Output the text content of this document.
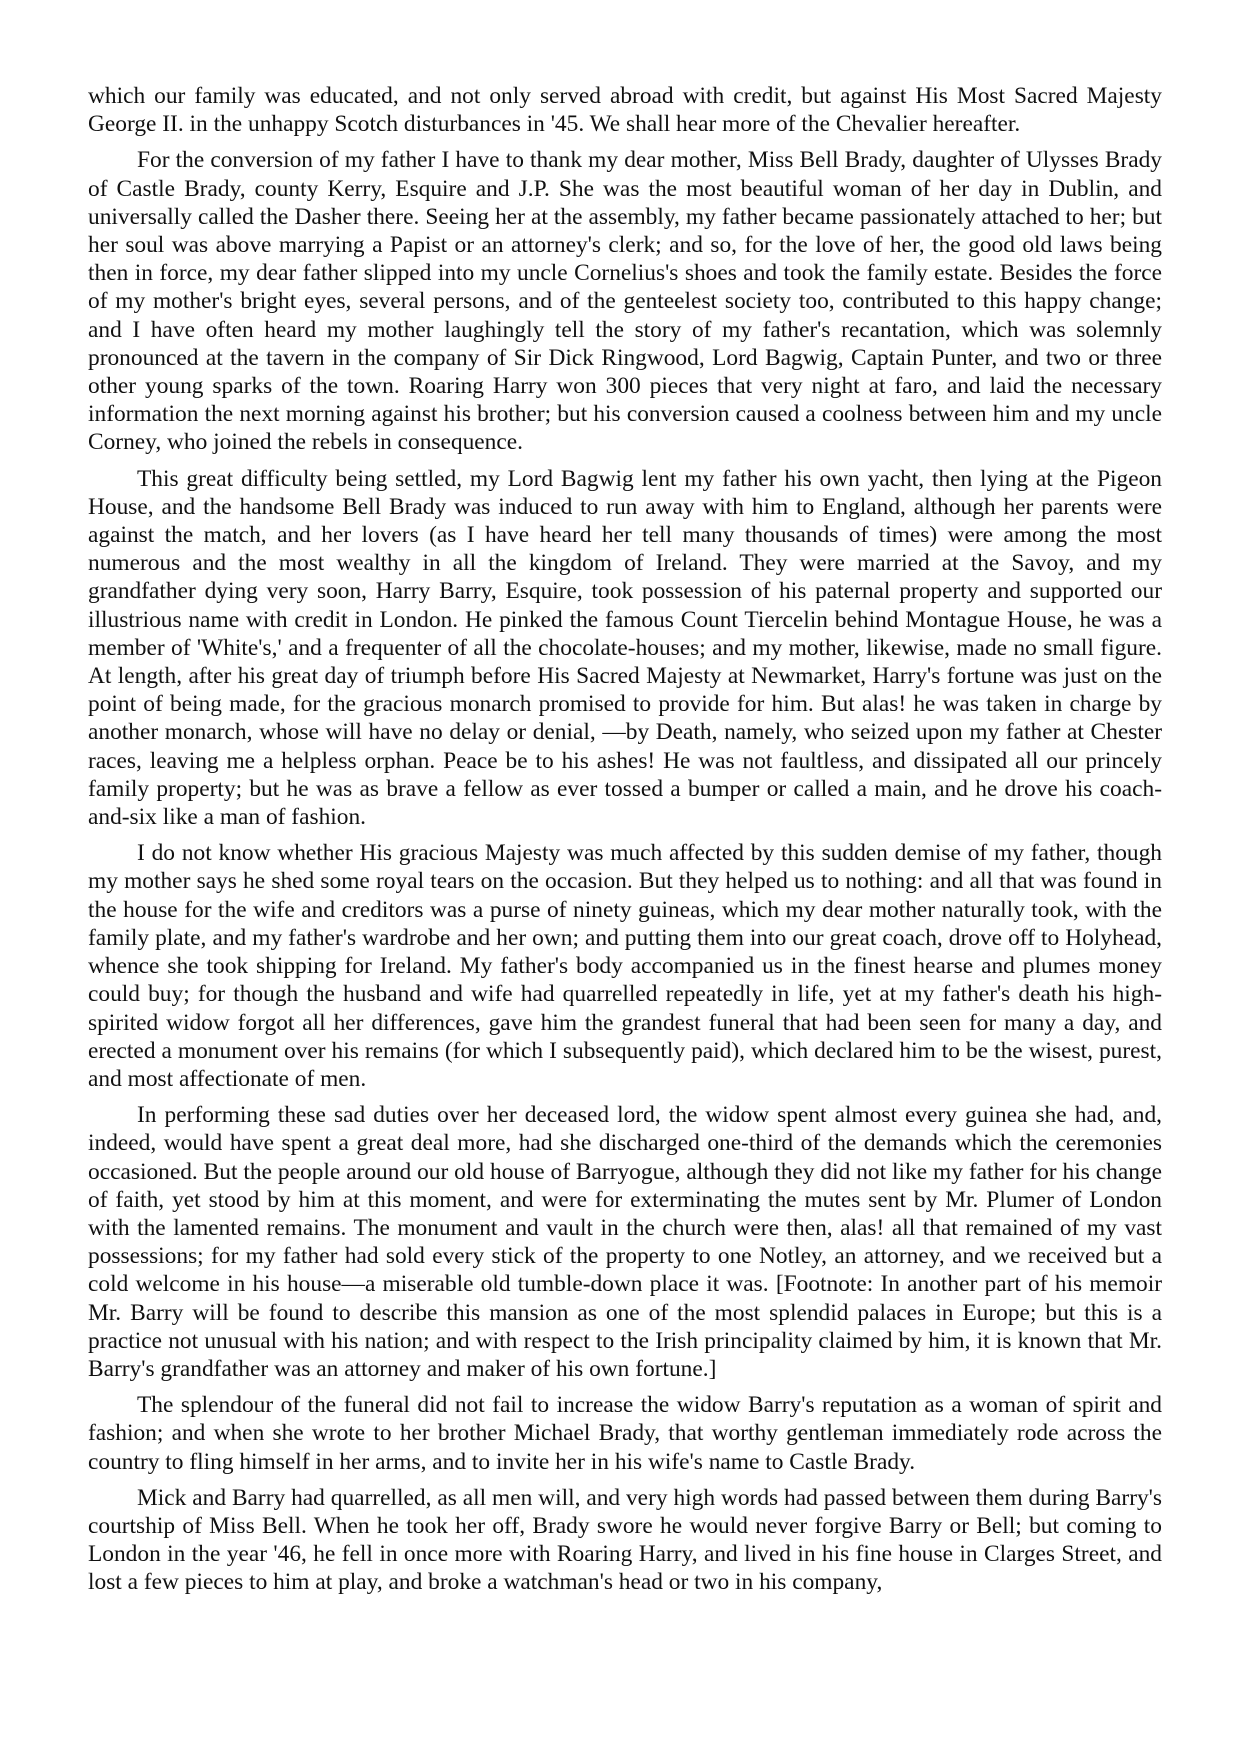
which our family was educated, and not only served abroad with credit, but against His Most Sacred Majesty George II. in the unhappy Scotch disturbances in '45. We shall hear more of the Chevalier hereafter.

For the conversion of my father I have to thank my dear mother, Miss Bell Brady, daughter of Ulysses Brady of Castle Brady, county Kerry, Esquire and J.P. She was the most beautiful woman of her day in Dublin, and universally called the Dasher there. Seeing her at the assembly, my father became passionately attached to her; but her soul was above marrying a Papist or an attorney's clerk; and so, for the love of her, the good old laws being then in force, my dear father slipped into my uncle Cornelius's shoes and took the family estate. Besides the force of my mother's bright eyes, several persons, and of the genteelest society too, contributed to this happy change; and I have often heard my mother laughingly tell the story of my father's recantation, which was solemnly pronounced at the tavern in the company of Sir Dick Ringwood, Lord Bagwig, Captain Punter, and two or three other young sparks of the town. Roaring Harry won 300 pieces that very night at faro, and laid the necessary information the next morning against his brother; but his conversion caused a coolness between him and my uncle Corney, who joined the rebels in consequence.

This great difficulty being settled, my Lord Bagwig lent my father his own yacht, then lying at the Pigeon House, and the handsome Bell Brady was induced to run away with him to England, although her parents were against the match, and her lovers (as I have heard her tell many thousands of times) were among the most numerous and the most wealthy in all the kingdom of Ireland. They were married at the Savoy, and my grandfather dying very soon, Harry Barry, Esquire, took possession of his paternal property and supported our illustrious name with credit in London. He pinked the famous Count Tiercelin behind Montague House, he was a member of 'White's,' and a frequenter of all the chocolate-houses; and my mother, likewise, made no small figure. At length, after his great day of triumph before His Sacred Majesty at Newmarket, Harry's fortune was just on the point of being made, for the gracious monarch promised to provide for him. But alas! he was taken in charge by another monarch, whose will have no delay or denial, —by Death, namely, who seized upon my father at Chester races, leaving me a helpless orphan. Peace be to his ashes! He was not faultless, and dissipated all our princely family property; but he was as brave a fellow as ever tossed a bumper or called a main, and he drove his coach-and-six like a man of fashion.

I do not know whether His gracious Majesty was much affected by this sudden demise of my father, though my mother says he shed some royal tears on the occasion. But they helped us to nothing: and all that was found in the house for the wife and creditors was a purse of ninety guineas, which my dear mother naturally took, with the family plate, and my father's wardrobe and her own; and putting them into our great coach, drove off to Holyhead, whence she took shipping for Ireland. My father's body accompanied us in the finest hearse and plumes money could buy; for though the husband and wife had quarrelled repeatedly in life, yet at my father's death his high-spirited widow forgot all her differences, gave him the grandest funeral that had been seen for many a day, and erected a monument over his remains (for which I subsequently paid), which declared him to be the wisest, purest, and most affectionate of men.

In performing these sad duties over her deceased lord, the widow spent almost every guinea she had, and, indeed, would have spent a great deal more, had she discharged one-third of the demands which the ceremonies occasioned. But the people around our old house of Barryogue, although they did not like my father for his change of faith, yet stood by him at this moment, and were for exterminating the mutes sent by Mr. Plumer of London with the lamented remains. The monument and vault in the church were then, alas! all that remained of my vast possessions; for my father had sold every stick of the property to one Notley, an attorney, and we received but a cold welcome in his house—a miserable old tumble-down place it was. [Footnote: In another part of his memoir Mr. Barry will be found to describe this mansion as one of the most splendid palaces in Europe; but this is a practice not unusual with his nation; and with respect to the Irish principality claimed by him, it is known that Mr. Barry's grandfather was an attorney and maker of his own fortune.]

The splendour of the funeral did not fail to increase the widow Barry's reputation as a woman of spirit and fashion; and when she wrote to her brother Michael Brady, that worthy gentleman immediately rode across the country to fling himself in her arms, and to invite her in his wife's name to Castle Brady.

Mick and Barry had quarrelled, as all men will, and very high words had passed between them during Barry's courtship of Miss Bell. When he took her off, Brady swore he would never forgive Barry or Bell; but coming to London in the year '46, he fell in once more with Roaring Harry, and lived in his fine house in Clarges Street, and lost a few pieces to him at play, and broke a watchman's head or two in his company,
